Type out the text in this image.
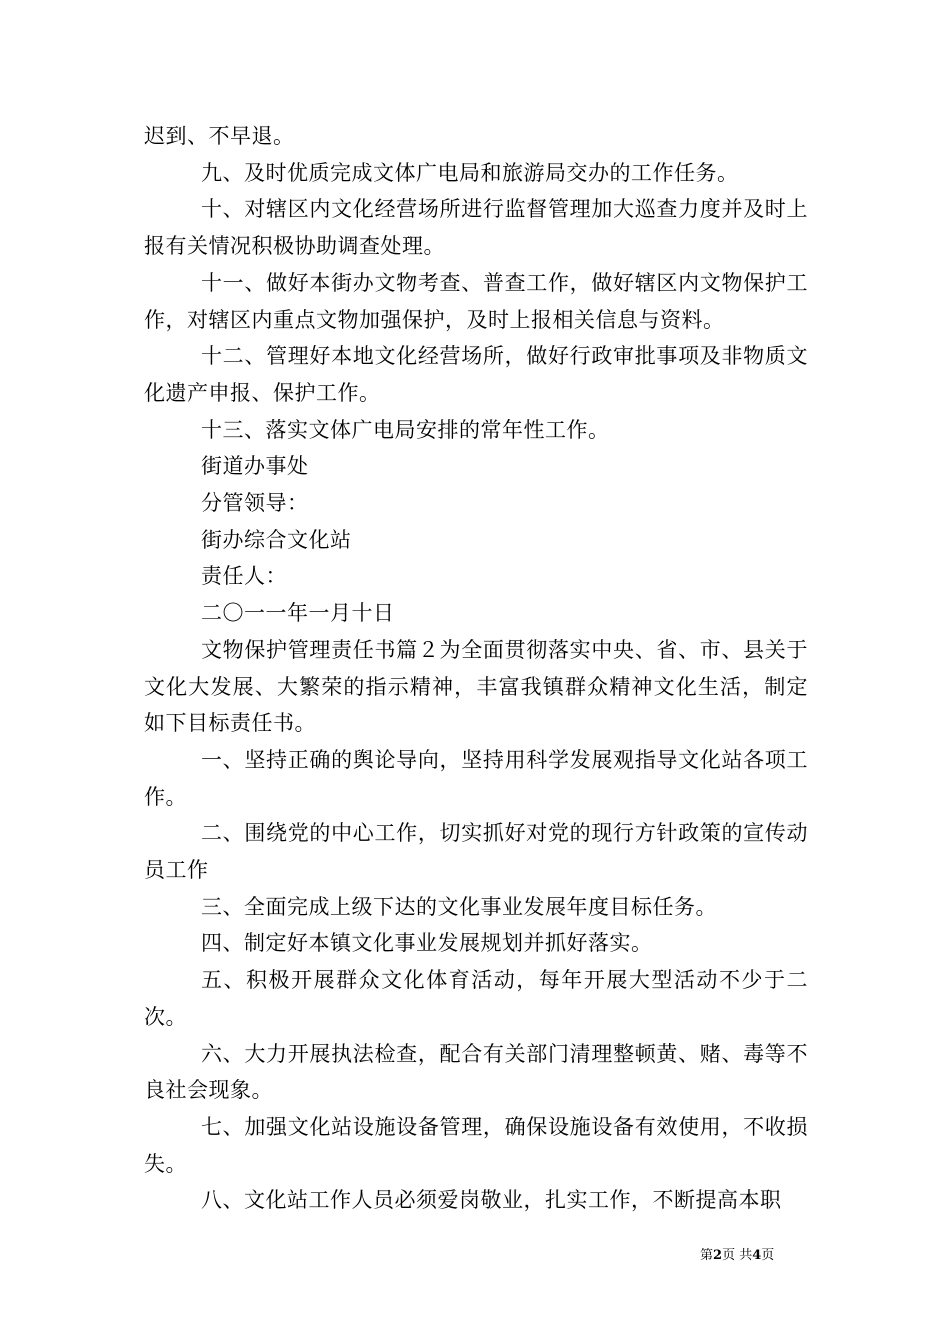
迟到、不早退。

九、及时优质完成文体广电局和旅游局交办的工作任务。

十、对辖区内文化经营场所进行监督管理加大巡查力度并及时上报有关情况积极协助调查处理。

十一、做好本街办文物考查、普查工作，做好辖区内文物保护工作，对辖区内重点文物加强保护，及时上报相关信息与资料。

十二、管理好本地文化经营场所，做好行政审批事项及非物质文化遗产申报、保护工作。

十三、落实文体广电局安排的常年性工作。

街道办事处

分管领导：

街办综合文化站

责任人：

二〇一一年一月十日

文物保护管理责任书篇２为全面贯彻落实中央、省、市、县关于文化大发展、大繁荣的指示精神，丰富我镇群众精神文化生活，制定如下目标责任书。

一、坚持正确的舆论导向，坚持用科学发展观指导文化站各项工作。

二、围绕党的中心工作，切实抓好对党的现行方针政策的宣传动员工作

三、全面完成上级下达的文化事业发展年度目标任务。

四、制定好本镇文化事业发展规划并抓好落实。

五、积极开展群众文化体育活动，每年开展大型活动不少于二次。

六、大力开展执法检查，配合有关部门清理整顿黄、赌、毒等不良社会现象。

七、加强文化站设施设备管理，确保设施设备有效使用，不收损失。

八、文化站工作人员必须爱岗敬业，扎实工作，不断提高本职

第2页 共4页
